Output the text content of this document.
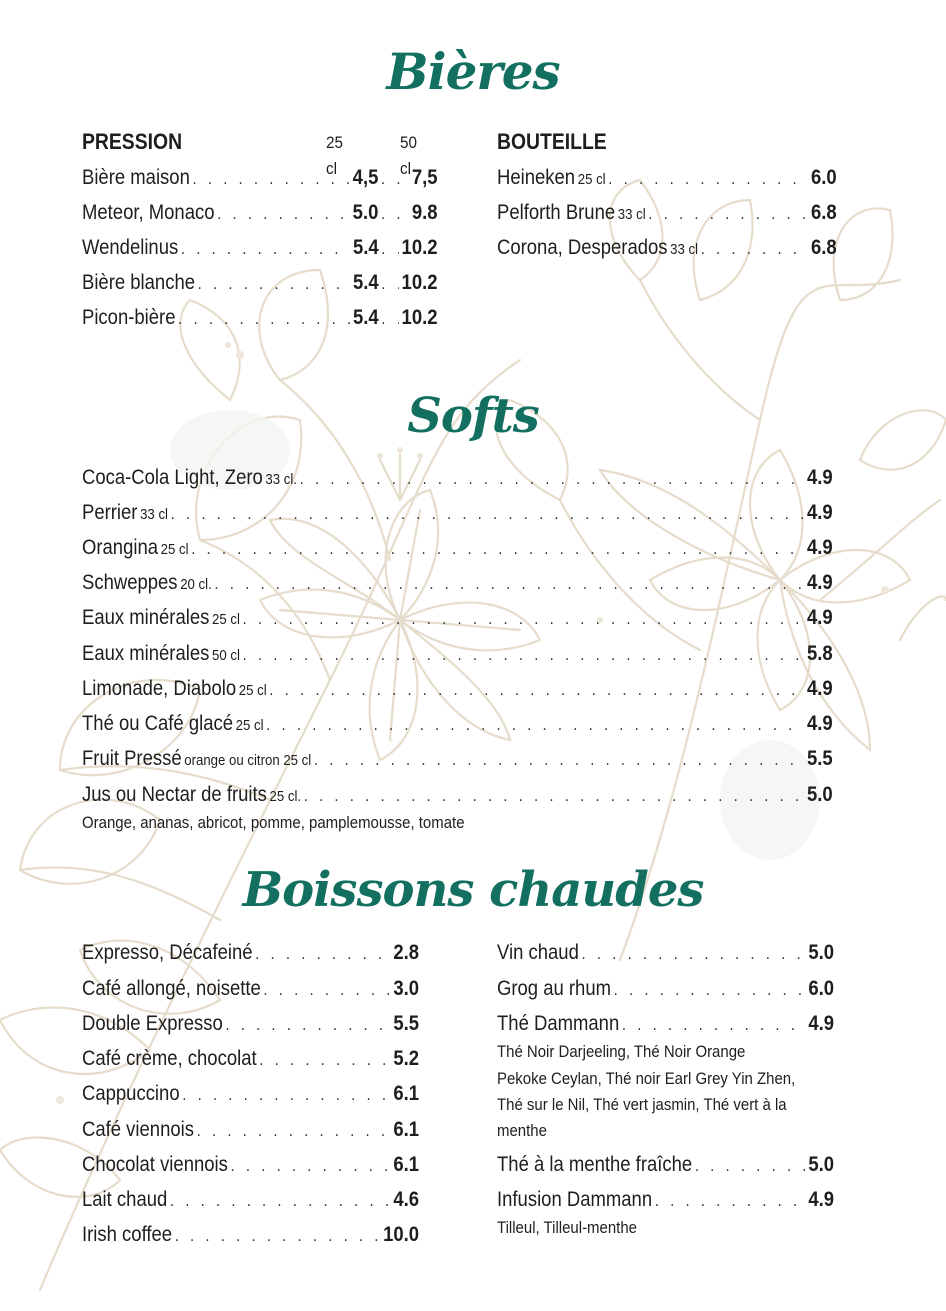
Bières
PRESSION	25 cl
50 cl
Bière maison . . .	4,5 . . . 7,5
Meteor, Monaco . . .	5.0 . . . 9.8
Wendelinus . . .	5.4 . . . 10.2
Bière blanche . . .	5.4 . . . 10.2
Picon-bière . . .	5.4 . . . 10.2
BOUTEILLE
Heineken 25 cl . . .	6.0
Pelforth Brune 33 cl . . .	6.8
Corona, Desperados 33 cl . . .	6.8
Softs
Coca-Cola Light, Zero 33 cl. . . .	4.9
Perrier 33 cl . . .	4.9
Orangina 25 cl . . .	4.9
Schweppes 20 cl. . . .	4.9
Eaux minérales 25 cl . . .	4.9
Eaux minérales 50 cl . . .	5.8
Limonade, Diabolo 25 cl . . .	4.9
Thé ou Café glacé 25 cl . . .	4.9
Fruit Pressé orange ou citron 25 cl . . .	5.5
Jus ou Nectar de fruits 25 cl. . . .	5.0
Orange, ananas, abricot, pomme, pamplemousse, tomate
Boissons chaudes
Expresso, Décafeiné . . .	2.8
Café allongé, noisette . . .	3.0
Double Expresso . . .	5.5
Café crème, chocolat . . .	5.2
Cappuccino . . .	6.1
Café viennois . . .	6.1
Chocolat viennois . . .	6.1
Lait chaud . . .	4.6
Irish coffee . . .	10.0
Vin chaud . . .	5.0
Grog au rhum . . .	6.0
Thé Dammann . . .	4.9
Thé Noir Darjeeling, Thé Noir Orange
Pekoke Ceylan, Thé noir Earl Grey Yin Zhen,
Thé sur le Nil, Thé vert jasmin, Thé vert à la
menthe
Thé à la menthe fraîche . . .	5.0
Infusion Dammann . . .	4.9
Tilleul, Tilleul-menthe
